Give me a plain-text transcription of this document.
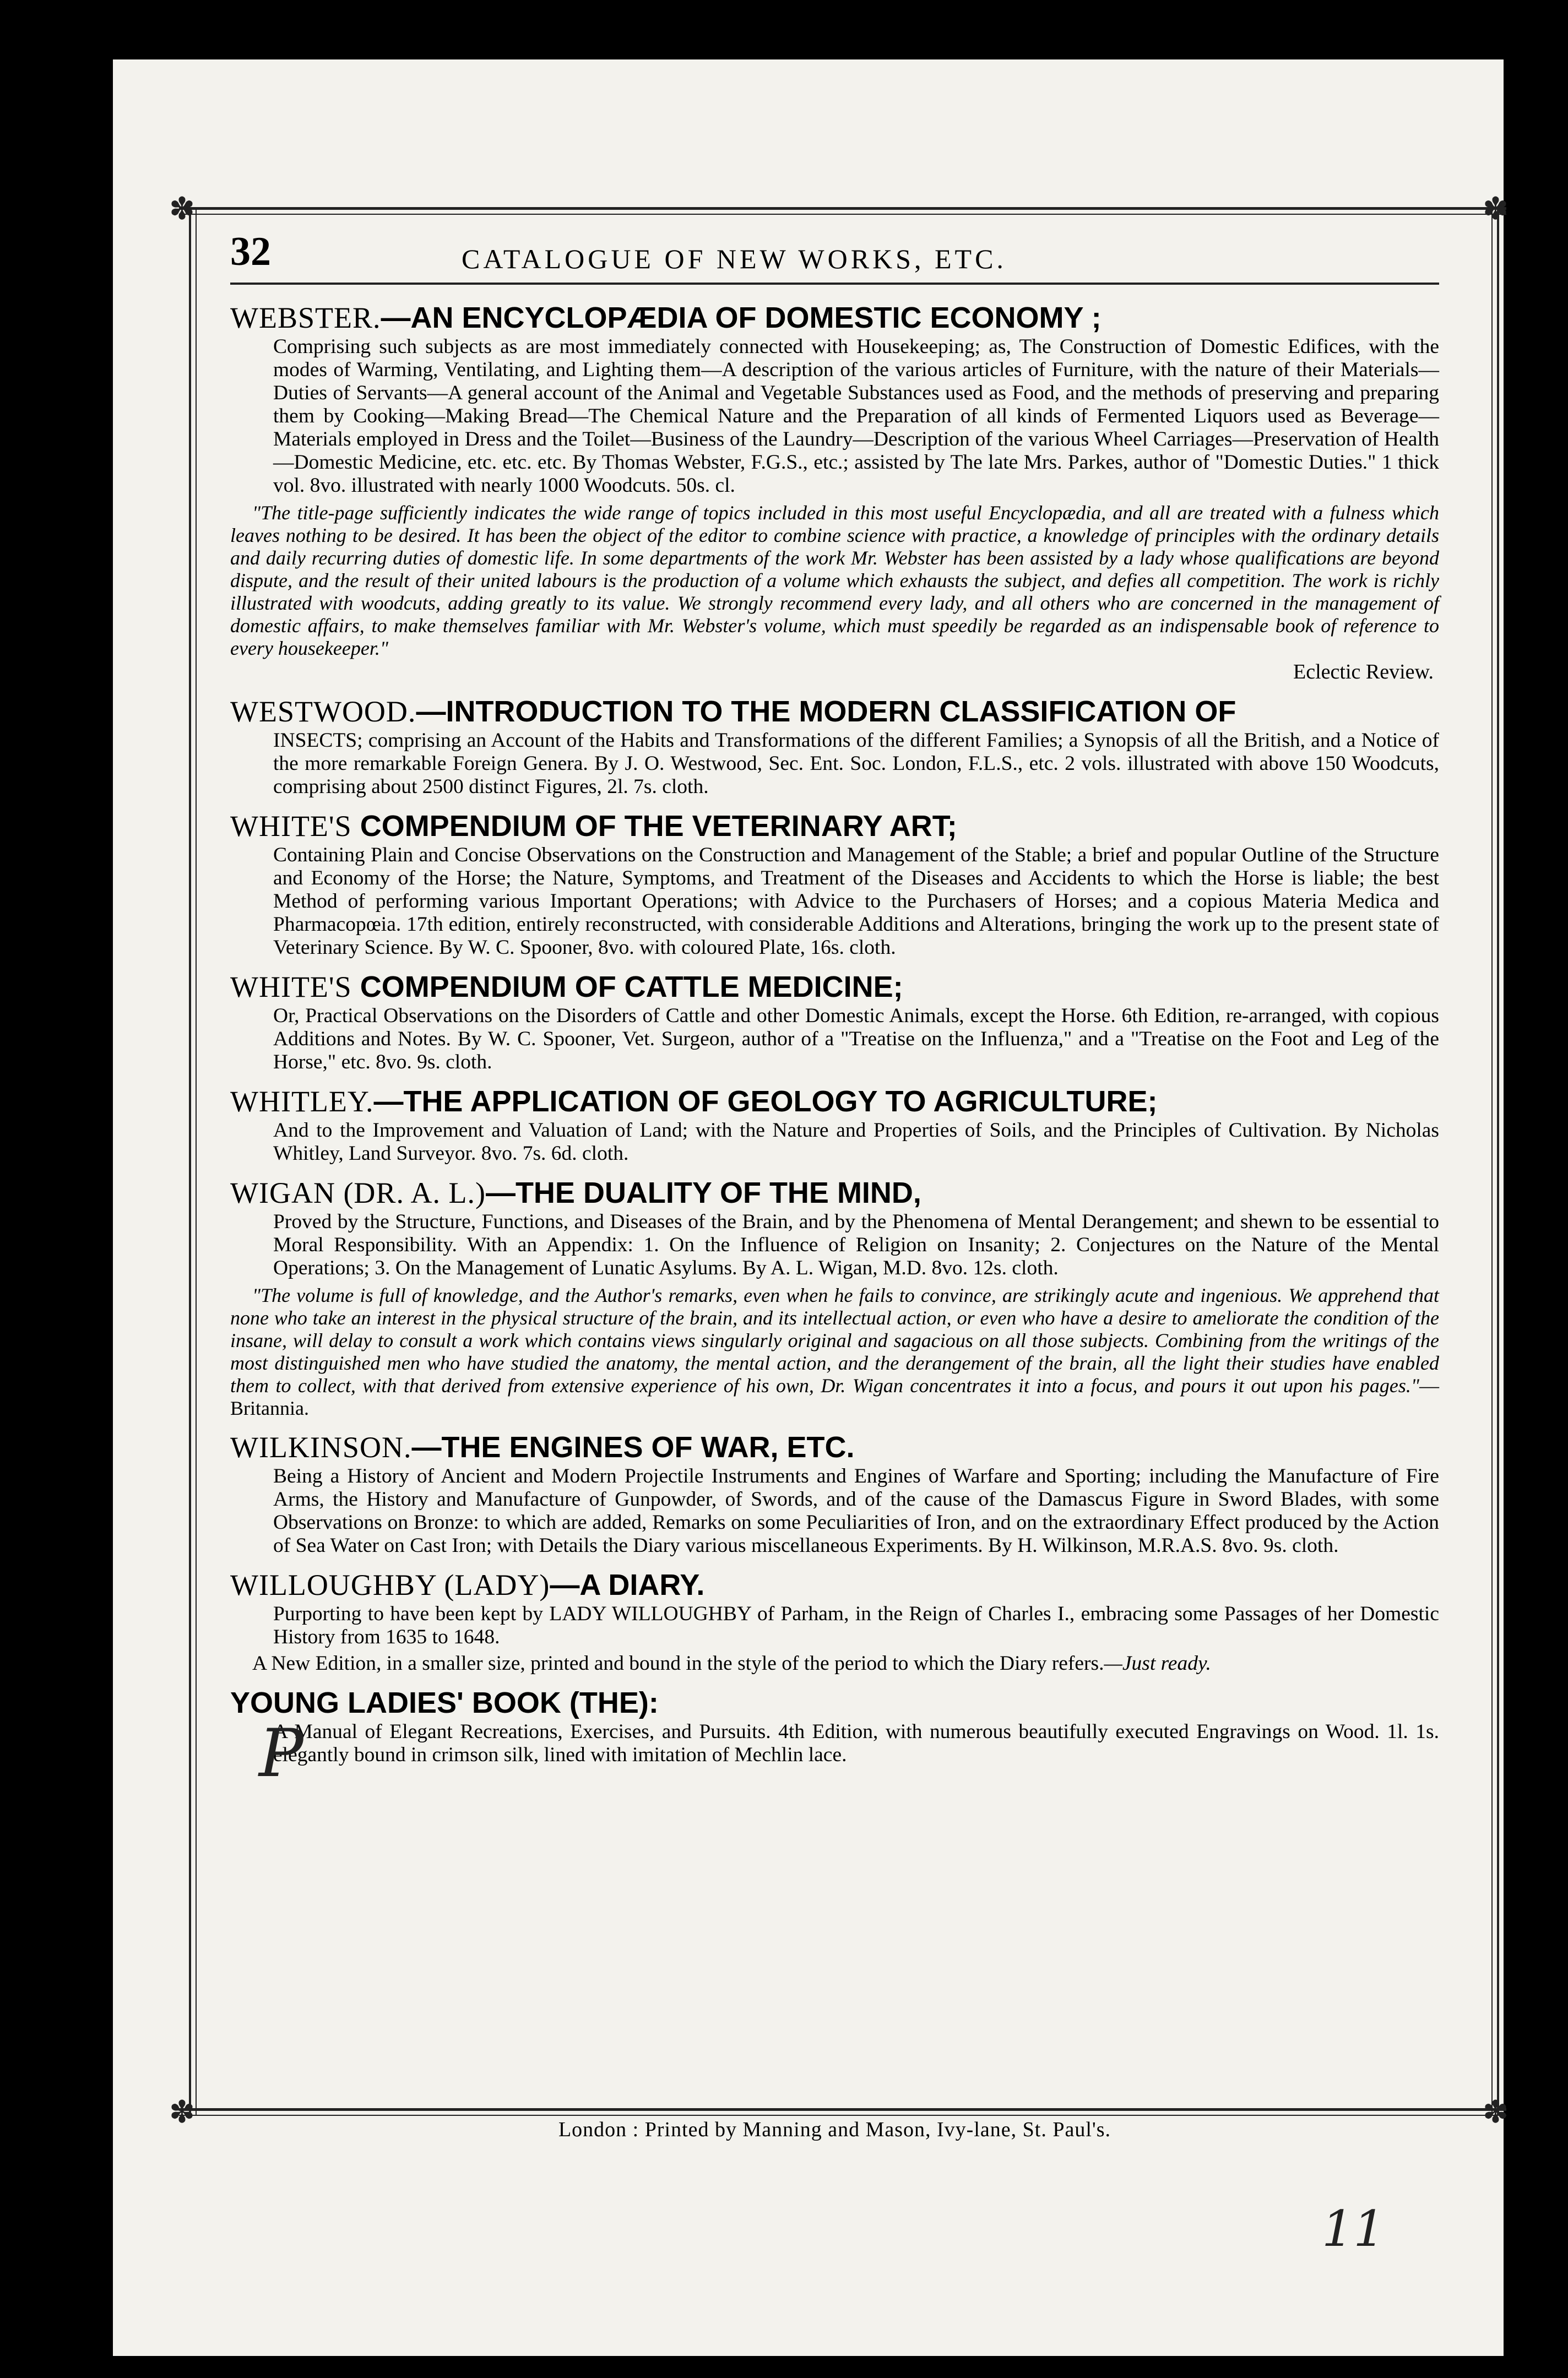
✽	✽
✽	✽
32	CATALOGUE OF NEW WORKS, ETC.

WEBSTER.—AN ENCYCLOPÆDIA OF DOMESTIC ECONOMY ;

Comprising such subjects as are most immediately connected with Housekeeping; as, The Construction of Domestic Edifices, with the modes of Warming, Ventilating, and Lighting them—A description of the various articles of Furniture, with the nature of their Materials—Duties of Servants—A general account of the Animal and Vegetable Substances used as Food, and the methods of preserving and preparing them by Cooking—Making Bread—The Chemical Nature and the Preparation of all kinds of Fermented Liquors used as Beverage—Materials employed in Dress and the Toilet—Business of the Laundry—Description of the various Wheel Carriages—Preservation of Health—Domestic Medicine, etc. etc. etc. By Thomas Webster, F.G.S., etc.; assisted by The late Mrs. Parkes, author of "Domestic Duties." 1 thick vol. 8vo. illustrated with nearly 1000 Woodcuts. 50s. cl.

"The title-page sufficiently indicates the wide range of topics included in this most useful Encyclopædia, and all are treated with a fulness which leaves nothing to be desired. It has been the object of the editor to combine science with practice, a knowledge of principles with the ordinary details and daily recurring duties of domestic life. In some departments of the work Mr. Webster has been assisted by a lady whose qualifications are beyond dispute, and the result of their united labours is the production of a volume which exhausts the subject, and defies all competition. The work is richly illustrated with woodcuts, adding greatly to its value. We strongly recommend every lady, and all others who are concerned in the management of domestic affairs, to make themselves familiar with Mr. Webster's volume, which must speedily be regarded as an indispensable book of reference to every housekeeper."

Eclectic Review.

WESTWOOD.—INTRODUCTION TO THE MODERN CLASSIFICATION OF

INSECTS; comprising an Account of the Habits and Transformations of the different Families; a Synopsis of all the British, and a Notice of the more remarkable Foreign Genera. By J. O. Westwood, Sec. Ent. Soc. London, F.L.S., etc. 2 vols. illustrated with above 150 Woodcuts, comprising about 2500 distinct Figures, 2l. 7s. cloth.

WHITE'S COMPENDIUM OF THE VETERINARY ART;

Containing Plain and Concise Observations on the Construction and Management of the Stable; a brief and popular Outline of the Structure and Economy of the Horse; the Nature, Symptoms, and Treatment of the Diseases and Accidents to which the Horse is liable; the best Method of performing various Important Operations; with Advice to the Purchasers of Horses; and a copious Materia Medica and Pharmacopœia. 17th edition, entirely reconstructed, with considerable Additions and Alterations, bringing the work up to the present state of Veterinary Science. By W. C. Spooner, 8vo. with coloured Plate, 16s. cloth.

WHITE'S COMPENDIUM OF CATTLE MEDICINE;

Or, Practical Observations on the Disorders of Cattle and other Domestic Animals, except the Horse. 6th Edition, re-arranged, with copious Additions and Notes. By W. C. Spooner, Vet. Surgeon, author of a "Treatise on the Influenza," and a "Treatise on the Foot and Leg of the Horse," etc. 8vo. 9s. cloth.

WHITLEY.—THE APPLICATION OF GEOLOGY TO AGRICULTURE;

And to the Improvement and Valuation of Land; with the Nature and Properties of Soils, and the Principles of Cultivation. By Nicholas Whitley, Land Surveyor. 8vo. 7s. 6d. cloth.

WIGAN (DR. A. L.)—THE DUALITY OF THE MIND,

Proved by the Structure, Functions, and Diseases of the Brain, and by the Phenomena of Mental Derangement; and shewn to be essential to Moral Responsibility. With an Appendix: 1. On the Influence of Religion on Insanity; 2. Conjectures on the Nature of the Mental Operations; 3. On the Management of Lunatic Asylums. By A. L. Wigan, M.D. 8vo. 12s. cloth.

"The volume is full of knowledge, and the Author's remarks, even when he fails to convince, are strikingly acute and ingenious. We apprehend that none who take an interest in the physical structure of the brain, and its intellectual action, or even who have a desire to ameliorate the condition of the insane, will delay to consult a work which contains views singularly original and sagacious on all those subjects. Combining from the writings of the most distinguished men who have studied the anatomy, the mental action, and the derangement of the brain, all the light their studies have enabled them to collect, with that derived from extensive experience of his own, Dr. Wigan concentrates it into a focus, and pours it out upon his pages."—Britannia.

WILKINSON.—THE ENGINES OF WAR, ETC.

Being a History of Ancient and Modern Projectile Instruments and Engines of Warfare and Sporting; including the Manufacture of Fire Arms, the History and Manufacture of Gunpowder, of Swords, and of the cause of the Damascus Figure in Sword Blades, with some Observations on Bronze: to which are added, Remarks on some Peculiarities of Iron, and on the extraordinary Effect produced by the Action of Sea Water on Cast Iron; with Details the Diary various miscellaneous Experiments. By H. Wilkinson, M.R.A.S. 8vo. 9s. cloth.

WILLOUGHBY (LADY)—A DIARY.

Purporting to have been kept by LADY WILLOUGHBY of Parham, in the Reign of Charles I., embracing some Passages of her Domestic History from 1635 to 1648.

A New Edition, in a smaller size, printed and bound in the style of the period to which the Diary refers.—Just ready.

YOUNG LADIES' BOOK (THE):

A Manual of Elegant Recreations, Exercises, and Pursuits. 4th Edition, with numerous beautifully executed Engravings on Wood. 1l. 1s. elegantly bound in crimson silk, lined with imitation of Mechlin lace.

London : Printed by Manning and Mason, Ivy-lane, St. Paul's.
P
11
